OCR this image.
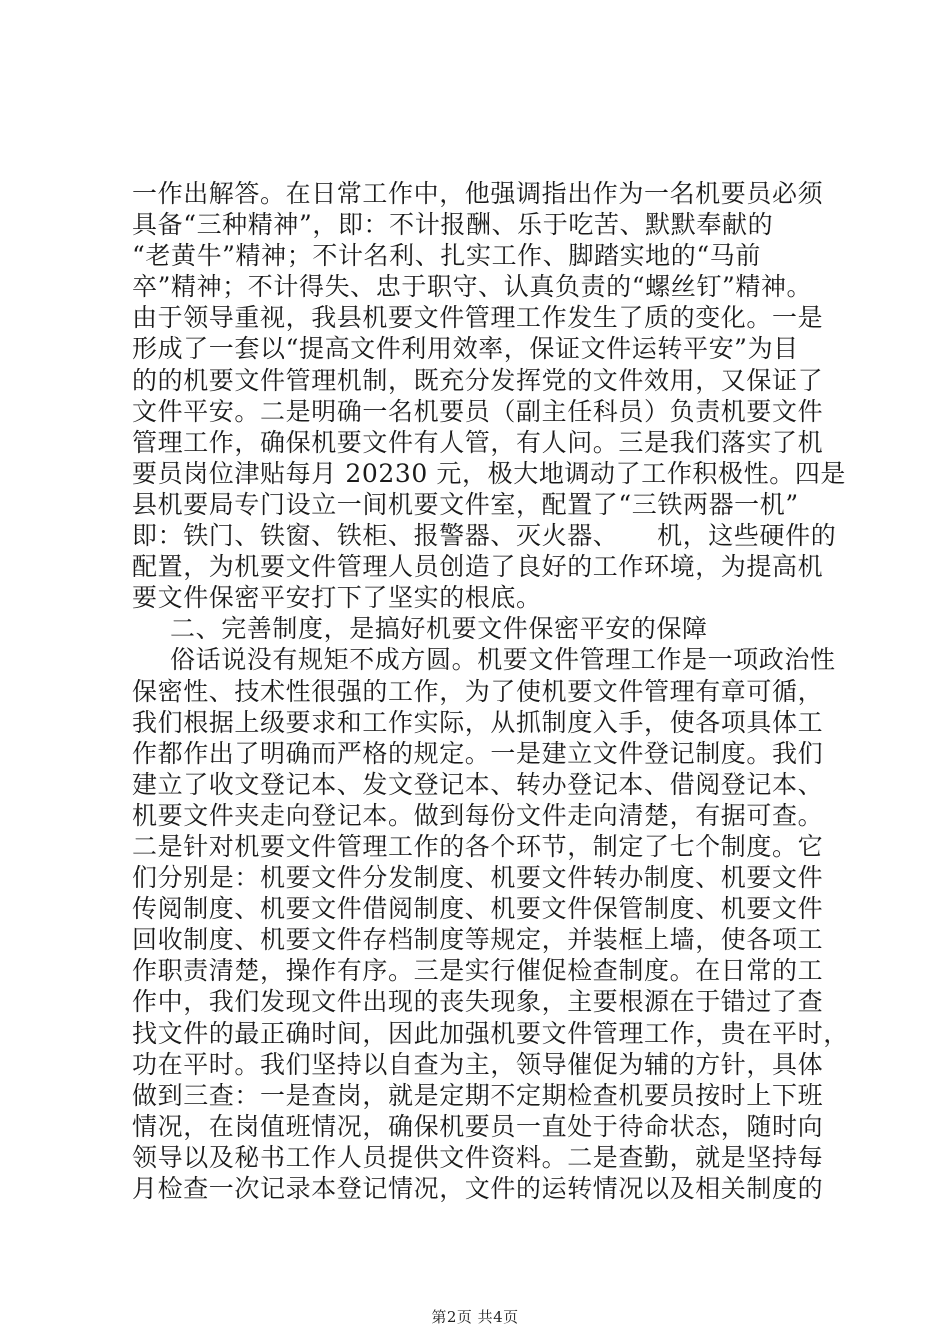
一作出解答。在日常工作中，他强调指出作为一名机要员必须
具备“三种精神”，即：不计报酬、乐于吃苦、默默奉献的
“老黄牛”精神；不计名利、扎实工作、脚踏实地的“马前
卒”精神；不计得失、忠于职守、认真负责的“螺丝钉”精神。
由于领导重视，我县机要文件管理工作发生了质的变化。一是
形成了一套以“提高文件利用效率，保证文件运转平安”为目
的的机要文件管理机制，既充分发挥党的文件效用，又保证了
文件平安。二是明确一名机要员（副主任科员）负责机要文件
管理工作，确保机要文件有人管，有人问。三是我们落实了机
要员岗位津贴每月 20230 元，极大地调动了工作积极性。四是
县机要局专门设立一间机要文件室，配置了“三铁两器一机”
即：铁门、铁窗、铁柜、报警器、灭火器、　　机，这些硬件的
配置，为机要文件管理人员创造了良好的工作环境，为提高机
要文件保密平安打下了坚实的根底。
二、完善制度，是搞好机要文件保密平安的保障
俗话说没有规矩不成方圆。机要文件管理工作是一项政治性
保密性、技术性很强的工作，为了使机要文件管理有章可循，
我们根据上级要求和工作实际，从抓制度入手，使各项具体工
作都作出了明确而严格的规定。一是建立文件登记制度。我们
建立了收文登记本、发文登记本、转办登记本、借阅登记本、
机要文件夹走向登记本。做到每份文件走向清楚，有据可查。
二是针对机要文件管理工作的各个环节，制定了七个制度。它
们分别是：机要文件分发制度、机要文件转办制度、机要文件
传阅制度、机要文件借阅制度、机要文件保管制度、机要文件
回收制度、机要文件存档制度等规定，并装框上墙，使各项工
作职责清楚，操作有序。三是实行催促检查制度。在日常的工
作中，我们发现文件出现的丧失现象，主要根源在于错过了查
找文件的最正确时间，因此加强机要文件管理工作，贵在平时，
功在平时。我们坚持以自查为主，领导催促为辅的方针，具体
做到三查：一是查岗，就是定期不定期检查机要员按时上下班
情况，在岗值班情况，确保机要员一直处于待命状态，随时向
领导以及秘书工作人员提供文件资料。二是查勤，就是坚持每
月检查一次记录本登记情况，文件的运转情况以及相关制度的
第2页 共4页
